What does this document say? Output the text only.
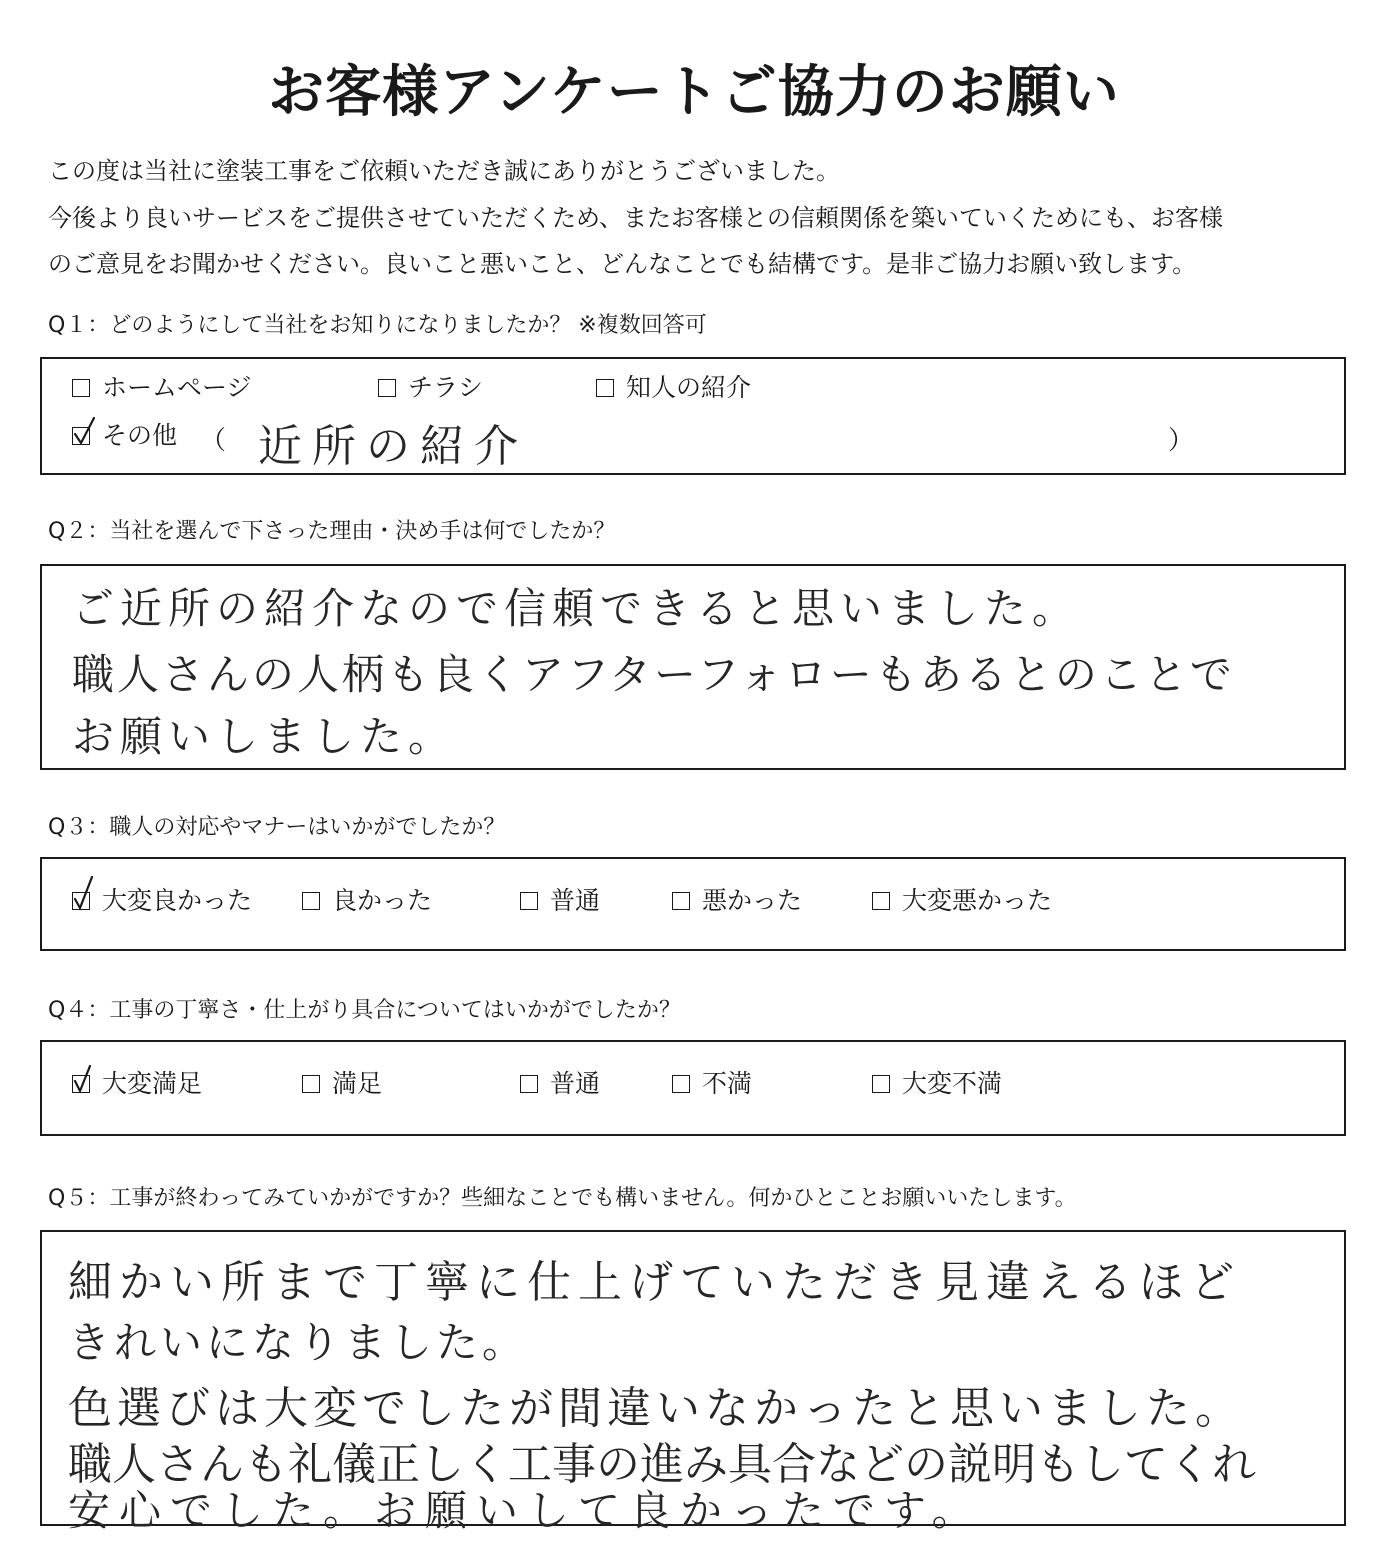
お客様アンケートご協力のお願い
この度は当社に塗装工事をご依頼いただき誠にありがとうございました。
今後より良いサービスをご提供させていただくため、またお客様との信頼関係を築いていくためにも、お客様
のご意見をお聞かせください。良いこと悪いこと、どんなことでも結構です。是非ご協力お願い致します。
Q１：どのようにして当社をお知りになりましたか？ ※複数回答可
ホームページ	チラシ	知人の紹介
その他 （ 近所の紹介	）
Q２：当社を選んで下さった理由・決め手は何でしたか？
ご近所の紹介なので信頼できると思いました。
職人さんの人柄も良くアフターフォローもあるとのことで
お願いしました。
Q３：職人の対応やマナーはいかがでしたか？
大変良かった	良かった	普通	悪かった	大変悪かった
Q４：工事の丁寧さ・仕上がり具合についてはいかがでしたか？
大変満足	満足	普通	不満	大変不満
Q５：工事が終わってみていかがですか？些細なことでも構いません。何かひとことお願いいたします。
細かい所まで丁寧に仕上げていただき見違えるほど
きれいになりました。
色選びは大変でしたが間違いなかったと思いました。
職人さんも礼儀正しく工事の進み具合などの説明もしてくれ
安心でした。お願いして良かったです。
